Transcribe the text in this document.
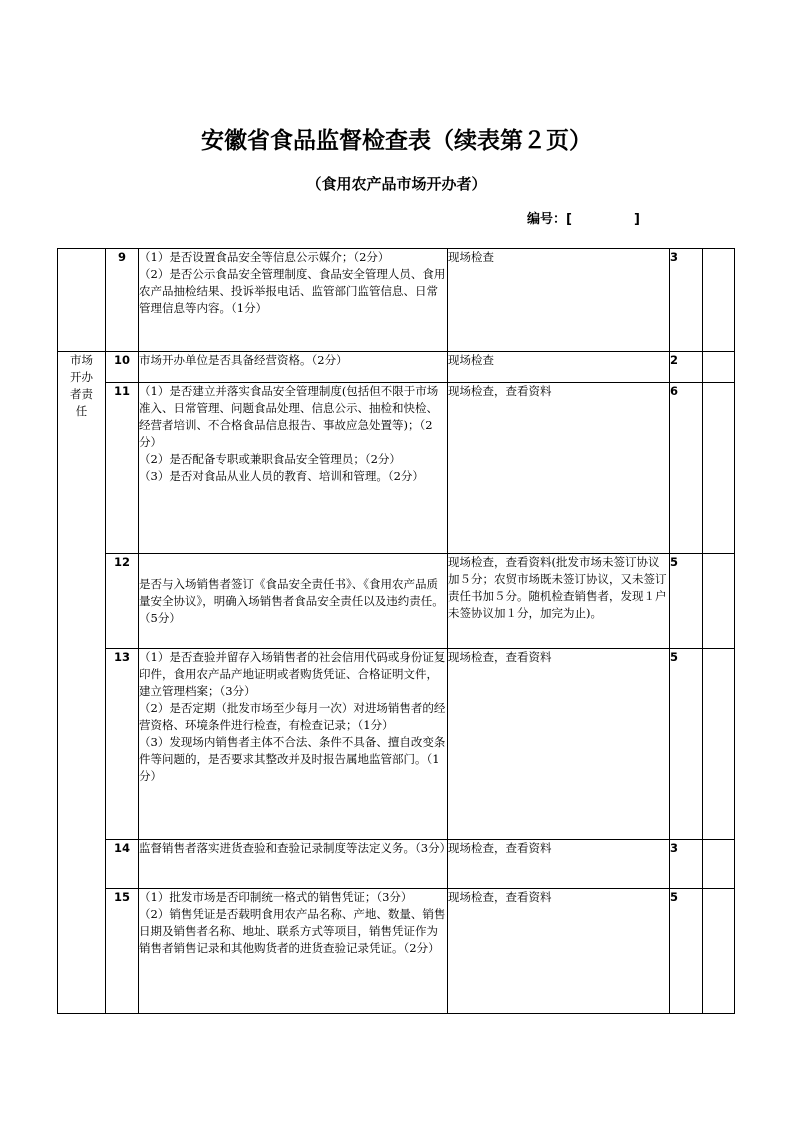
安徽省食品监督检查表（续表第２页）
（食用农产品市场开办者）
编号：[	]
	9	（1）是否设置食品安全等信息公示媒介；（2分）
（2）是否公示食品安全管理制度、食品安全管理人员、食用农产品抽检结果、投诉举报电话、监管部门监管信息、日常管理信息等内容。（1分）	现场检查	3	
市场开办者责任	10	市场开办单位是否具备经营资格。（2分）	现场检查	2	
	11	（1）是否建立并落实食品安全管理制度(包括但不限于市场准入、日常管理、问题食品处理、信息公示、抽检和快检、经营者培训、不合格食品信息报告、事故应急处置等)；（2分）
（2）是否配备专职或兼职食品安全管理员；（2分）
（3）是否对食品从业人员的教育、培训和管理。（2分）	现场检查，查看资料	6	
	12	是否与入场销售者签订《食品安全责任书》、《食用农产品质量安全协议》，明确入场销售者食品安全责任以及违约责任。（5分）	现场检查，查看资料(批发市场未签订协议加５分；农贸市场既未签订协议，又未签订责任书加５分。随机检查销售者，发现１户未签协议加１分，加完为止)。	5	
	13	（1）是否查验并留存入场销售者的社会信用代码或身份证复印件，食用农产品产地证明或者购货凭证、合格证明文件，建立管理档案；（3分）
（2）是否定期（批发市场至少每月一次）对进场销售者的经营资格、环境条件进行检查，有检查记录；（1分）
（3）发现场内销售者主体不合法、条件不具备、擅自改变条件等问题的，是否要求其整改并及时报告属地监管部门。（1分）	现场检查，查看资料	5	
	14	监督销售者落实进货查验和查验记录制度等法定义务。（3分）	现场检查，查看资料	3	
	15	（1）批发市场是否印制统一格式的销售凭证；（3分）
（2）销售凭证是否载明食用农产品名称、产地、数量、销售日期及销售者名称、地址、联系方式等项目，销售凭证作为销售者销售记录和其他购货者的进货查验记录凭证。（2分）	现场检查，查看资料	5	
